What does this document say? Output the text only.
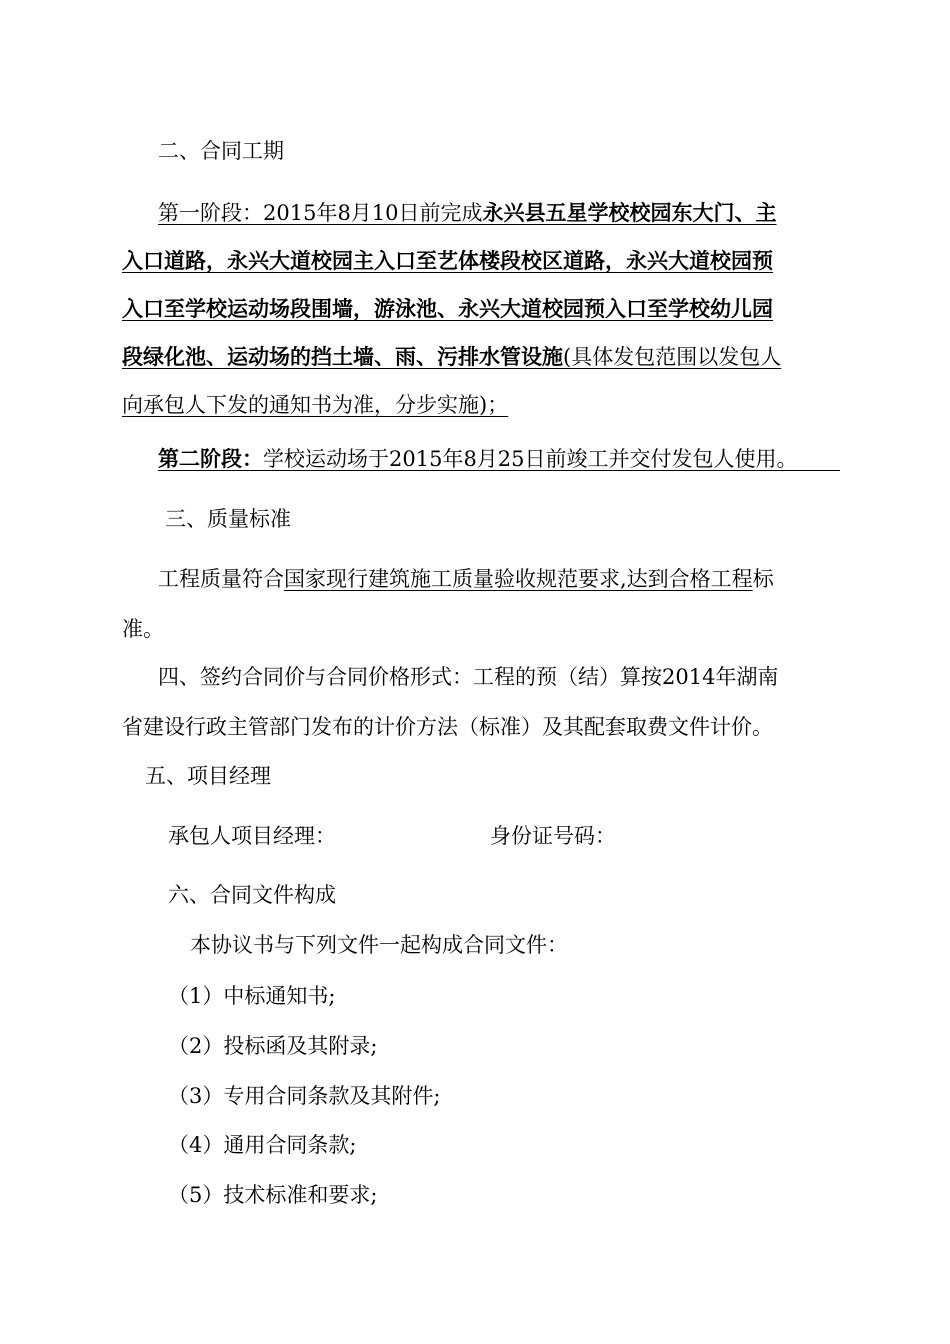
二、合同工期
第一阶段：2015年8月10日前完成永兴县五星学校校园东大门、主
入口道路，永兴大道校园主入口至艺体楼段校区道路，永兴大道校园预
入口至学校运动场段围墙，游泳池、永兴大道校园预入口至学校幼儿园
段绿化池、运动场的挡土墙、雨、污排水管设施(具体发包范围以发包人
向承包人下发的通知书为准，分步实施)；
第二阶段：学校运动场于2015年8月25日前竣工并交付发包人使用。
三、质量标准
工程质量符合国家现行建筑施工质量验收规范要求,达到合格工程标
准。
四、签约合同价与合同价格形式：工程的预（结）算按2014年湖南
省建设行政主管部门发布的计价方法（标准）及其配套取费文件计价。
五、项目经理
承包人项目经理：	身份证号码：
六、合同文件构成
本协议书与下列文件一起构成合同文件：
（1）中标通知书;
（2）投标函及其附录;
（3）专用合同条款及其附件;
（4）通用合同条款;
（5）技术标准和要求;
